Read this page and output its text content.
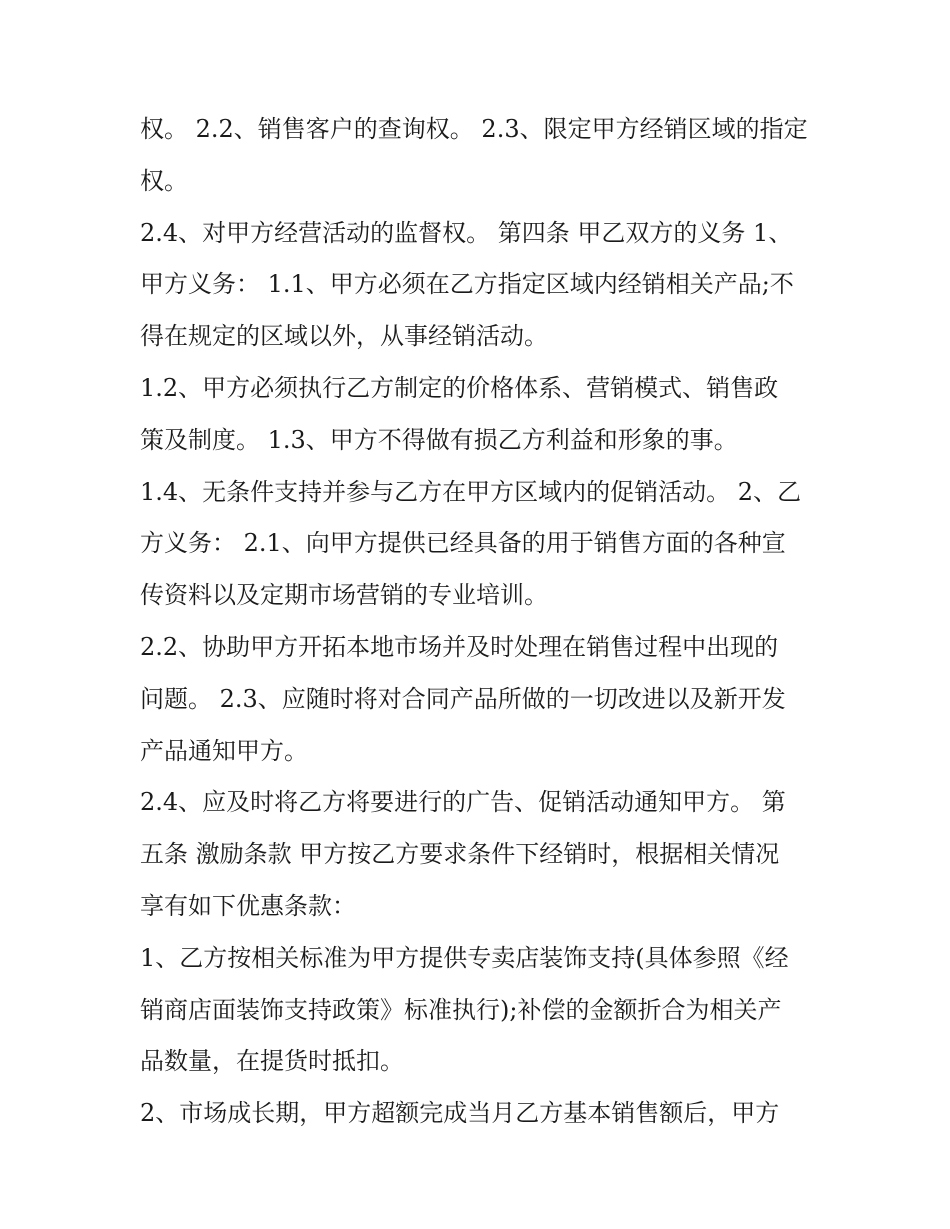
权。 2.2、销售客户的查询权。 2.3、限定甲方经销区域的指定
权。
2.4、对甲方经营活动的监督权。 第四条 甲乙双方的义务 1、
甲方义务： 1.1、甲方必须在乙方指定区域内经销相关产品;不
得在规定的区域以外，从事经销活动。
1.2、甲方必须执行乙方制定的价格体系、营销模式、销售政
策及制度。 1.3、甲方不得做有损乙方利益和形象的事。
1.4、无条件支持并参与乙方在甲方区域内的促销活动。 2、乙
方义务： 2.1、向甲方提供已经具备的用于销售方面的各种宣
传资料以及定期市场营销的专业培训。
2.2、协助甲方开拓本地市场并及时处理在销售过程中出现的
问题。 2.3、应随时将对合同产品所做的一切改进以及新开发
产品通知甲方。
2.4、应及时将乙方将要进行的广告、促销活动通知甲方。 第
五条 激励条款 甲方按乙方要求条件下经销时，根据相关情况
享有如下优惠条款：
1、乙方按相关标准为甲方提供专卖店装饰支持(具体参照《经
销商店面装饰支持政策》标准执行);补偿的金额折合为相关产
品数量，在提货时抵扣。
2、市场成长期，甲方超额完成当月乙方基本销售额后，甲方
